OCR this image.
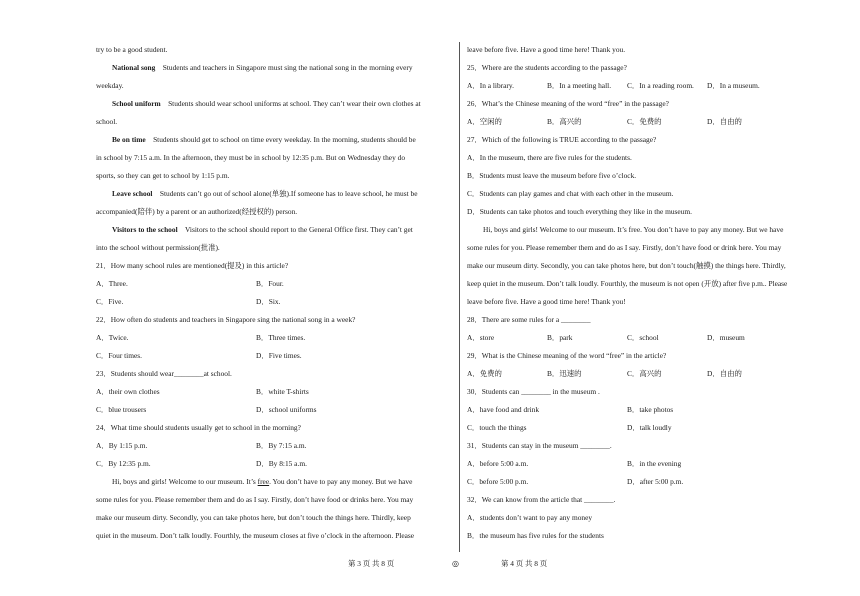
try to be a good student.
National song Students and teachers in Singapore must sing the national song in the morning every
weekday.
School uniform Students should wear school uniforms at school. They can’t wear their own clothes at
school.
Be on time Students should get to school on time every weekday. In the morning, students should be
in school by 7:15 a.m. In the afternoon, they must be in school by 12:35 p.m. But on Wednesday they do
sports, so they can get to school by 1:15 p.m.
Leave school Students can’t go out of school alone(单独).If someone has to leave school, he must be
accompanied(陪伴) by a parent or an authorized(经授权的) person.
Visitors to the school Visitors to the school should report to the General Office first. They can’t get
into the school without permission(批准).
21．How many school rules are mentioned(提及) in this article?
A．Three.	B．Four.
C．Five.	D．Six.
22．How often do students and teachers in Singapore sing the national song in a week?
A．Twice.	B．Three times.
C．Four times.	D．Five times.
23．Students should wear________at school.
A．their own clothes	B．white T-shirts
C．blue trousers	D．school uniforms
24．What time should students usually get to school in the morning?
A．By 1:15 p.m.	B．By 7:15 a.m.
C．By 12:35 p.m.	D．By 8:15 a.m.
Hi, boys and girls! Welcome to our museum. It’s free. You don’t have to pay any money. But we have
some rules for you. Please remember them and do as I say. Firstly, don’t have food or drinks here. You may
make our museum dirty. Secondly, you can take photos here, but don’t touch the things here. Thirdly, keep
quiet in the museum. Don’t talk loudly. Fourthly, the museum closes at five o’clock in the afternoon. Please
leave before five. Have a good time here! Thank you.
25．Where are the students according to the passage?
A．In a library.	B．In a meeting hall.	C．In a reading room.	D．In a museum.
26．What’s the Chinese meaning of the word “free” in the passage?
A．空闲的	B．高兴的	C．免费的	D．自由的
27．Which of the following is TRUE according to the passage?
A．In the museum, there are five rules for the students.
B．Students must leave the museum before five o’clock.
C．Students can play games and chat with each other in the museum.
D．Students can take photos and touch everything they like in the museum.
Hi, boys and girls! Welcome to our museum. It’s free. You don’t have to pay any money. But we have
some rules for you. Please remember them and do as I say. Firstly, don’t have food or drink here. You may
make our museum dirty. Secondly, you can take photos here, but don’t touch(触摸) the things here. Thirdly,
keep quiet in the museum. Don’t talk loudly. Fourthly, the museum is not open (开放) after five p.m.. Please
leave before five. Have a good time here! Thank you!
28．There are some rules for a ________
A．store	B．park	C．school	D．museum
29．What is the Chinese meaning of the word “free” in the article?
A．免费的	B．迅速的	C．高兴的	D．自由的
30．Students can ________ in the museum .
A．have food and drink	B．take photos
C．touch the things	D．talk loudly
31．Students can stay in the museum ________.
A．before 5:00 a.m.	B．in the evening
C．before 5:00 p.m.	D．after 5:00 p.m.
32．We can know from the article that ________.
A．students don’t want to pay any money
B．the museum has five rules for the students
第 3 页 共 8 页	◎	第 4 页 共 8 页
